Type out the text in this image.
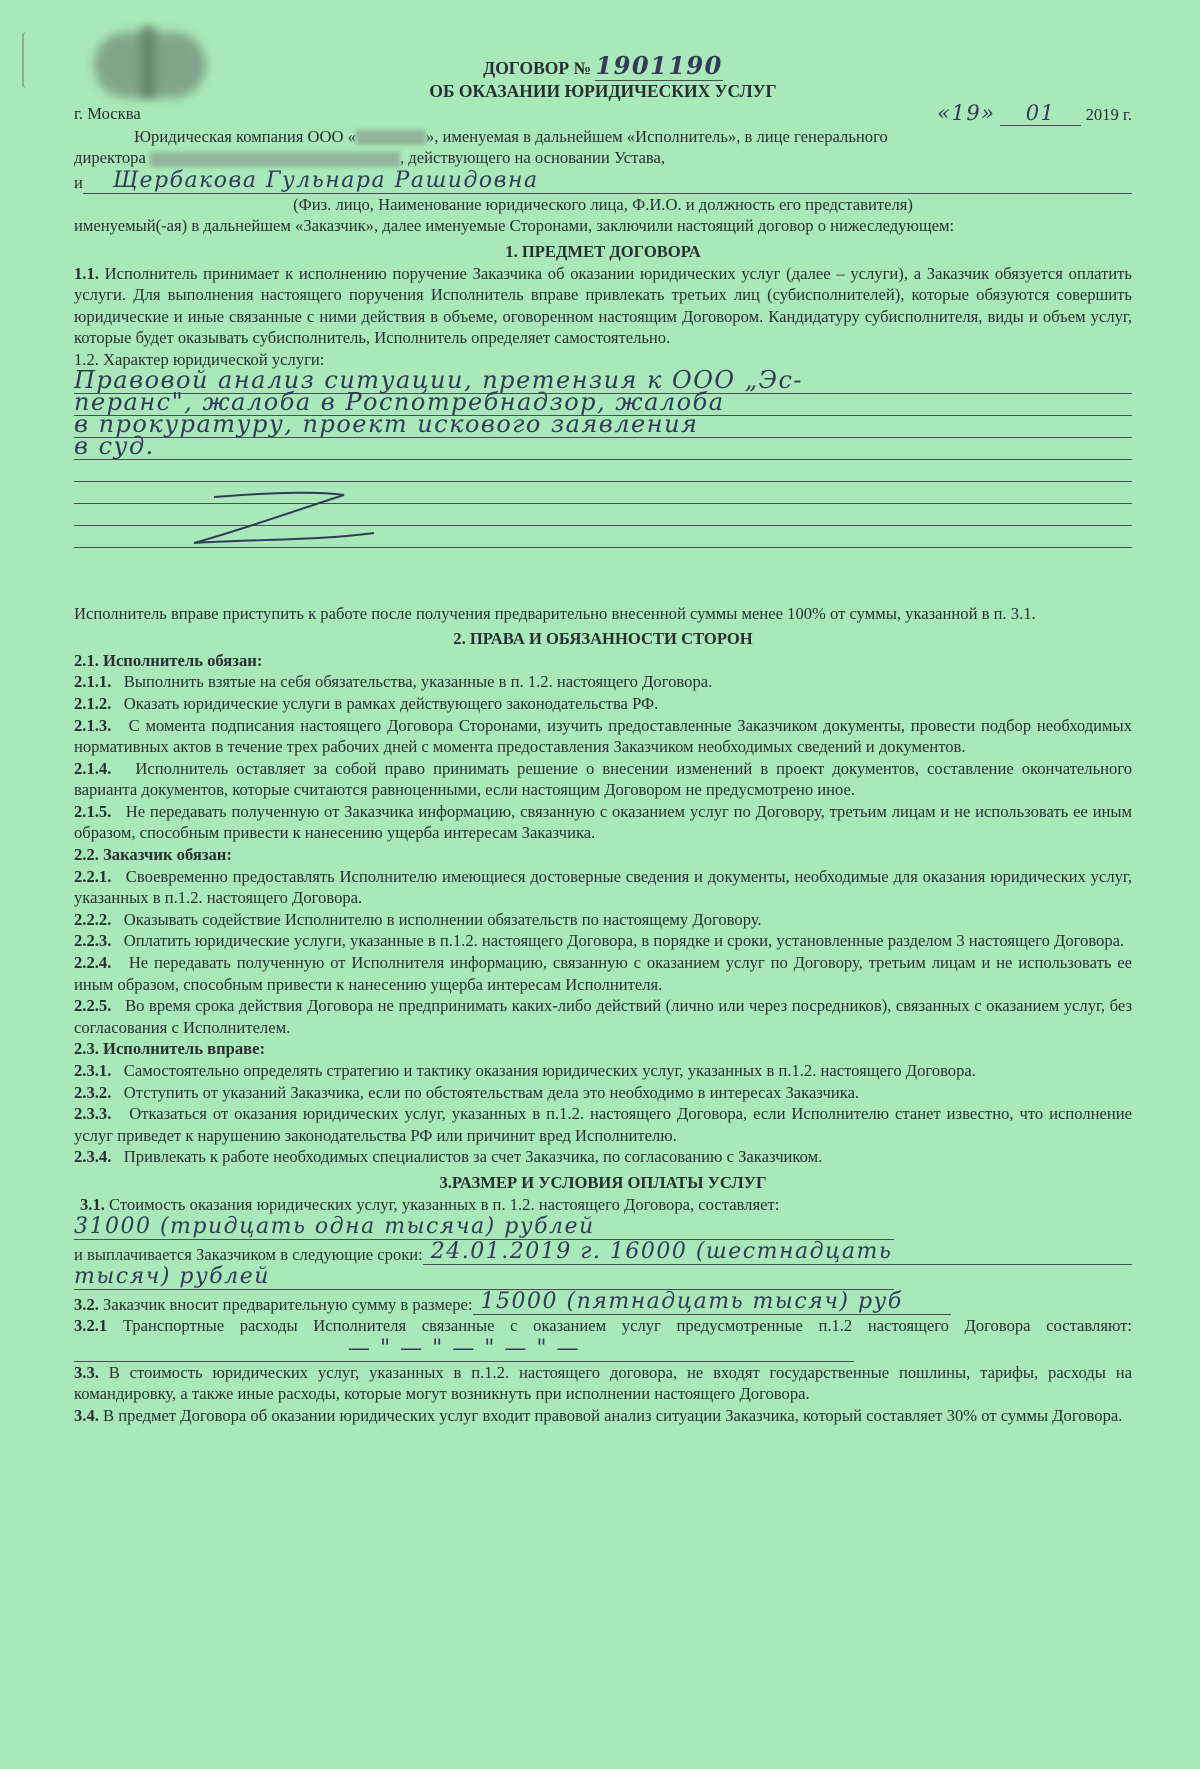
ДОГОВОР № 1901190
ОБ ОКАЗАНИИ ЮРИДИЧЕСКИХ УСЛУГ
г. Москва	«19» 01 2019 г.
Юридическая компания ООО «	», именуемая в дальнейшем «Исполнитель», в лице генерального
директора	, действующего на основании Устава,
и	Щербакова Гульнара Рашидовна
(Физ. лицо, Наименование юридического лица, Ф.И.О. и должность его представителя)
именуемый(-ая) в дальнейшем «Заказчик», далее именуемые Сторонами, заключили настоящий договор о нижеследующем:
1. ПРЕДМЕТ ДОГОВОРА
1.1. Исполнитель принимает к исполнению поручение Заказчика об оказании юридических услуг (далее – услуги), а Заказчик обязуется оплатить услуги. Для выполнения настоящего поручения Исполнитель вправе привлекать третьих лиц (субисполнителей), которые обязуются совершить юридические и иные связанные с ними действия в объеме, оговоренном настоящим Договором. Кандидатуру субисполнителя, виды и объем услуг, которые будет оказывать субисполнитель, Исполнитель определяет самостоятельно.
1.2. Характер юридической услуги:
Правовой анализ ситуации, претензия к ООО „Эс-
перанс", жалоба в Роспотребнадзор, жалоба
в прокуратуру, проект искового заявления
в суд.
Исполнитель вправе приступить к работе после получения предварительно внесенной суммы менее 100% от суммы, указанной в п. 3.1.
2. ПРАВА И ОБЯЗАННОСТИ СТОРОН
2.1. Исполнитель обязан:
2.1.1. Выполнить взятые на себя обязательства, указанные в п. 1.2. настоящего Договора.
2.1.2. Оказать юридические услуги в рамках действующего законодательства РФ.
2.1.3. С момента подписания настоящего Договора Сторонами, изучить предоставленные Заказчиком документы, провести подбор необходимых нормативных актов в течение трех рабочих дней с момента предоставления Заказчиком необходимых сведений и документов.
2.1.4. Исполнитель оставляет за собой право принимать решение о внесении изменений в проект документов, составление окончательного варианта документов, которые считаются равноценными, если настоящим Договором не предусмотрено иное.
2.1.5. Не передавать полученную от Заказчика информацию, связанную с оказанием услуг по Договору, третьим лицам и не использовать ее иным образом, способным привести к нанесению ущерба интересам Заказчика.
2.2. Заказчик обязан:
2.2.1. Своевременно предоставлять Исполнителю имеющиеся достоверные сведения и документы, необходимые для оказания юридических услуг, указанных в п.1.2. настоящего Договора.
2.2.2. Оказывать содействие Исполнителю в исполнении обязательств по настоящему Договору.
2.2.3. Оплатить юридические услуги, указанные в п.1.2. настоящего Договора, в порядке и сроки, установленные разделом 3 настоящего Договора.
2.2.4. Не передавать полученную от Исполнителя информацию, связанную с оказанием услуг по Договору, третьим лицам и не использовать ее иным образом, способным привести к нанесению ущерба интересам Исполнителя.
2.2.5. Во время срока действия Договора не предпринимать каких-либо действий (лично или через посредников), связанных с оказанием услуг, без согласования с Исполнителем.
2.3. Исполнитель вправе:
2.3.1. Самостоятельно определять стратегию и тактику оказания юридических услуг, указанных в п.1.2. настоящего Договора.
2.3.2. Отступить от указаний Заказчика, если по обстоятельствам дела это необходимо в интересах Заказчика.
2.3.3. Отказаться от оказания юридических услуг, указанных в п.1.2. настоящего Договора, если Исполнителю станет известно, что исполнение услуг приведет к нарушению законодательства РФ или причинит вред Исполнителю.
2.3.4. Привлекать к работе необходимых специалистов за счет Заказчика, по согласованию с Заказчиком.
3.РАЗМЕР И УСЛОВИЯ ОПЛАТЫ УСЛУГ
3.1. Стоимость оказания юридических услуг, указанных в п. 1.2. настоящего Договора, составляет:
31000 (тридцать одна тысяча) рублей
и выплачивается Заказчиком в следующие сроки: 24.01.2019 г. 16000 (шестнадцать
тысяч) рублей
3.2.
Заказчик вносит предварительную сумму в размере: 15000 (пятнадцать тысяч) руб
3.2.1 Транспортные расходы Исполнителя связанные с оказанием услуг предусмотренные п.1.2 настоящего Договора составляют: — " — " — " — " —
3.3. В стоимость юридических услуг, указанных в п.1.2. настоящего договора, не входят государственные пошлины, тарифы, расходы на командировку, а также иные расходы, которые могут возникнуть при исполнении настоящего Договора.
3.4. В предмет Договора об оказании юридических услуг входит правовой анализ ситуации Заказчика, который составляет 30% от суммы Договора.
